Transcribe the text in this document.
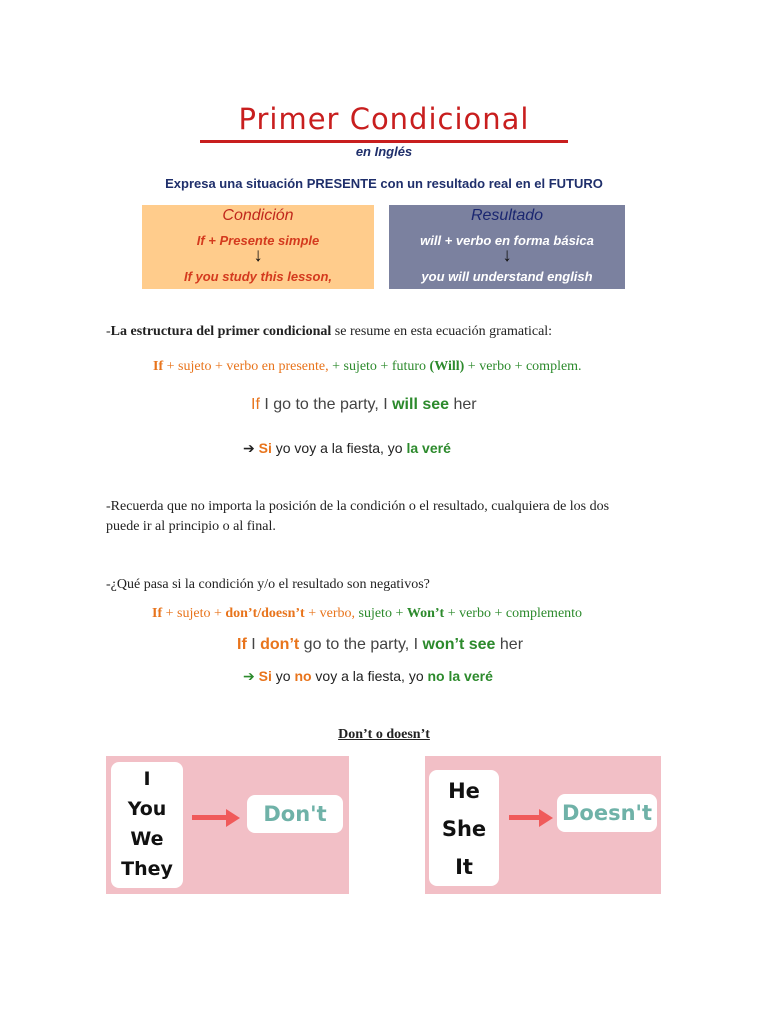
Primer Condicional
en Inglés
Expresa una situación PRESENTE con un resultado real en el FUTURO
Condición
If + Presente simple
↓
If you study this lesson,
Resultado
will + verbo en forma básica
↓
you will understand english
-La estructura del primer condicional se resume en esta ecuación gramatical:
If + sujeto + verbo en presente, + sujeto + futuro (Will) + verbo + complem.
If I go to the party, I will see her
➔ Si yo voy a la fiesta, yo la veré
-Recuerda que no importa la posición de la condición o el resultado, cualquiera de los dos
puede ir al principio o al final.
-¿Qué pasa si la condición y/o el resultado son negativos?
If + sujeto + don’t/doesn’t + verbo, sujeto + Won’t + verbo + complemento
If I don’t go to the party, I won’t see her
➔ Si yo no voy a la fiesta, yo no la veré
Don’t o doesn’t
I
You
We
They
Don't
He
She
It
Doesn't
